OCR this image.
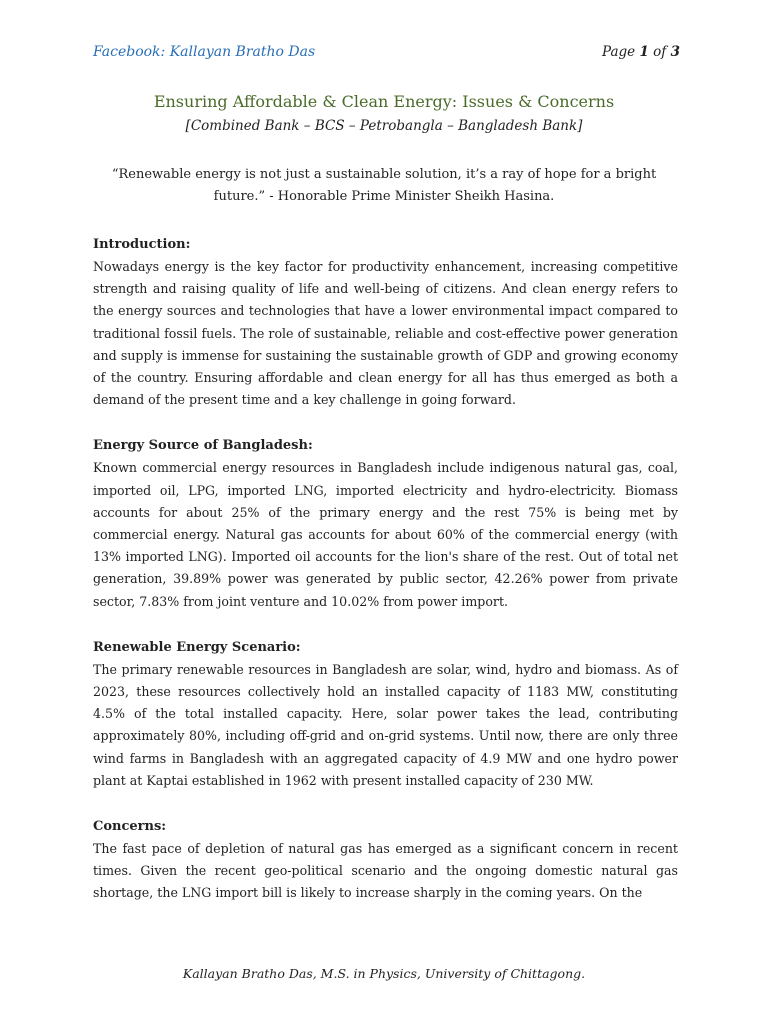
Facebook: Kallayan Bratho Das	Page 1 of 3
Ensuring Affordable & Clean Energy: Issues & Concerns
[Combined Bank – BCS – Petrobangla – Bangladesh Bank]
“Renewable energy is not just a sustainable solution, it’s a ray of hope for a bright future.” - Honorable Prime Minister Sheikh Hasina.
Introduction:

Nowadays energy is the key factor for productivity enhancement, increasing competitive strength and raising quality of life and well-being of citizens. And clean energy refers to the energy sources and technologies that have a lower environmental impact compared to traditional fossil fuels. The role of sustainable, reliable and cost-effective power generation and supply is immense for sustaining the sustainable growth of GDP and growing economy of the country. Ensuring affordable and clean energy for all has thus emerged as both a demand of the present time and a key challenge in going forward.

Energy Source of Bangladesh:

Known commercial energy resources in Bangladesh include indigenous natural gas, coal, imported oil, LPG, imported LNG, imported electricity and hydro-electricity. Biomass accounts for about 25% of the primary energy and the rest 75% is being met by commercial energy. Natural gas accounts for about 60% of the commercial energy (with 13% imported LNG). Imported oil accounts for the lion's share of the rest. Out of total net generation, 39.89% power was generated by public sector, 42.26% power from private sector, 7.83% from joint venture and 10.02% from power import.

Renewable Energy Scenario:

The primary renewable resources in Bangladesh are solar, wind, hydro and biomass. As of 2023, these resources collectively hold an installed capacity of 1183 MW, constituting 4.5% of the total installed capacity. Here, solar power takes the lead, contributing approximately 80%, including off-grid and on-grid systems. Until now, there are only three wind farms in Bangladesh with an aggregated capacity of 4.9 MW and one hydro power plant at Kaptai established in 1962 with present installed capacity of 230 MW.

Concerns:

The fast pace of depletion of natural gas has emerged as a significant concern in recent times. Given the recent geo-political scenario and the ongoing domestic natural gas shortage, the LNG import bill is likely to increase sharply in the coming years. On the

Kallayan Bratho Das, M.S. in Physics, University of Chittagong.
